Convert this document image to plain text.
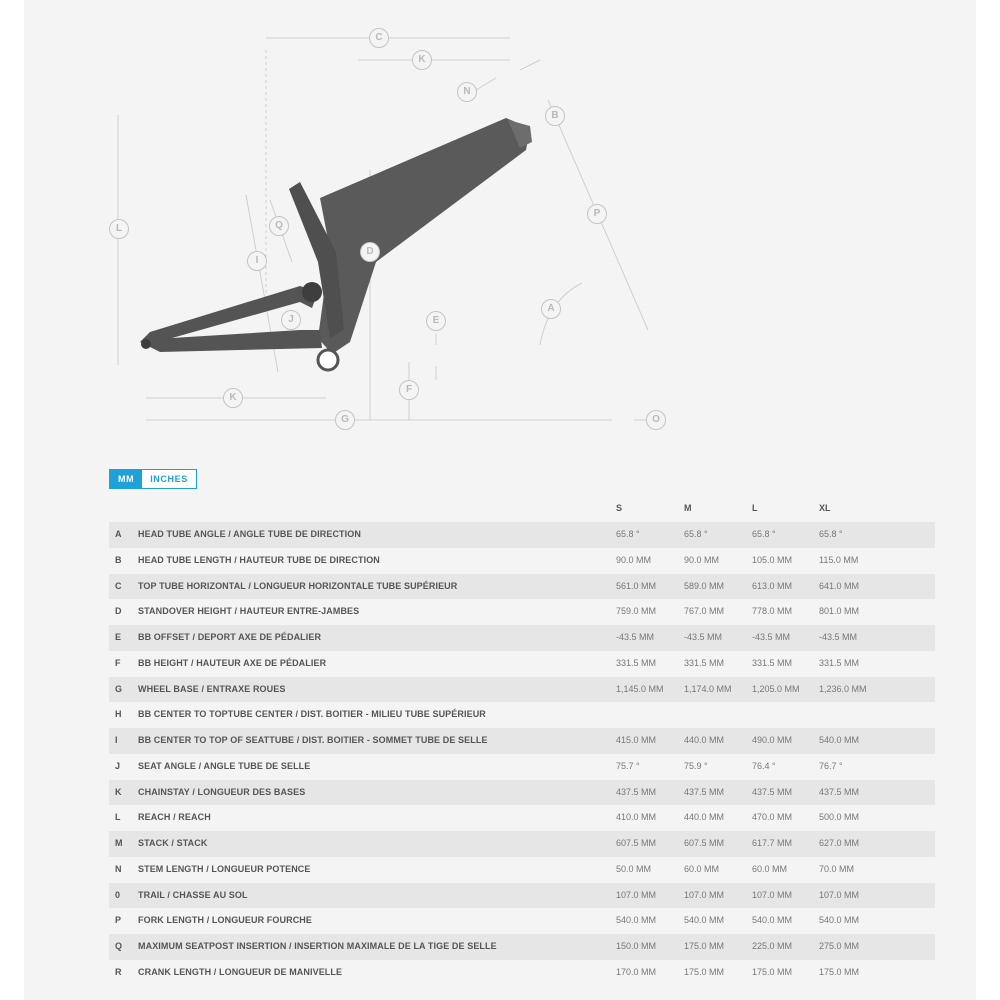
C
K
N
B
P
L	Q
D
I
A
J	E
F
K
G	O
MM	INCHES
S	M	L	XL
A HEAD TUBE ANGLE / ANGLE TUBE DE DIRECTION	65.8 °	65.8 °	65.8 °	65.8 °
B HEAD TUBE LENGTH / HAUTEUR TUBE DE DIRECTION	90.0 MM	90.0 MM	105.0 MM	115.0 MM
C TOP TUBE HORIZONTAL / LONGUEUR HORIZONTALE TUBE SUPÉRIEUR	561.0 MM	589.0 MM	613.0 MM	641.0 MM
D STANDOVER HEIGHT / HAUTEUR ENTRE-JAMBES	759.0 MM	767.0 MM	778.0 MM	801.0 MM
E BB OFFSET / DEPORT AXE DE PÉDALIER	-43.5 MM	-43.5 MM	-43.5 MM	-43.5 MM
F BB HEIGHT / HAUTEUR AXE DE PÉDALIER	331.5 MM	331.5 MM	331.5 MM	331.5 MM
G WHEEL BASE / ENTRAXE ROUES	1,145.0 MM 1,174.0 MM 1,205.0 MM 1,236.0 MM
H BB CENTER TO TOPTUBE CENTER / DIST. BOITIER - MILIEU TUBE SUPÉRIEUR
I BB CENTER TO TOP OF SEATTUBE / DIST. BOITIER - SOMMET TUBE DE SELLE	415.0 MM	440.0 MM	490.0 MM	540.0 MM
J SEAT ANGLE / ANGLE TUBE DE SELLE	75.7 °	75.9 °	76.4 °	76.7 °
K CHAINSTAY / LONGUEUR DES BASES	437.5 MM	437.5 MM	437.5 MM	437.5 MM
L REACH / REACH	410.0 MM	440.0 MM	470.0 MM	500.0 MM
M STACK / STACK	607.5 MM	607.5 MM	617.7 MM	627.0 MM
N STEM LENGTH / LONGUEUR POTENCE	50.0 MM	60.0 MM	60.0 MM	70.0 MM
0 TRAIL / CHASSE AU SOL	107.0 MM	107.0 MM	107.0 MM	107.0 MM
P FORK LENGTH / LONGUEUR FOURCHE	540.0 MM	540.0 MM	540.0 MM	540.0 MM
Q MAXIMUM SEATPOST INSERTION / INSERTION MAXIMALE DE LA TIGE DE SELLE	150.0 MM	175.0 MM	225.0 MM	275.0 MM
R CRANK LENGTH / LONGUEUR DE MANIVELLE	170.0 MM	175.0 MM	175.0 MM	175.0 MM
